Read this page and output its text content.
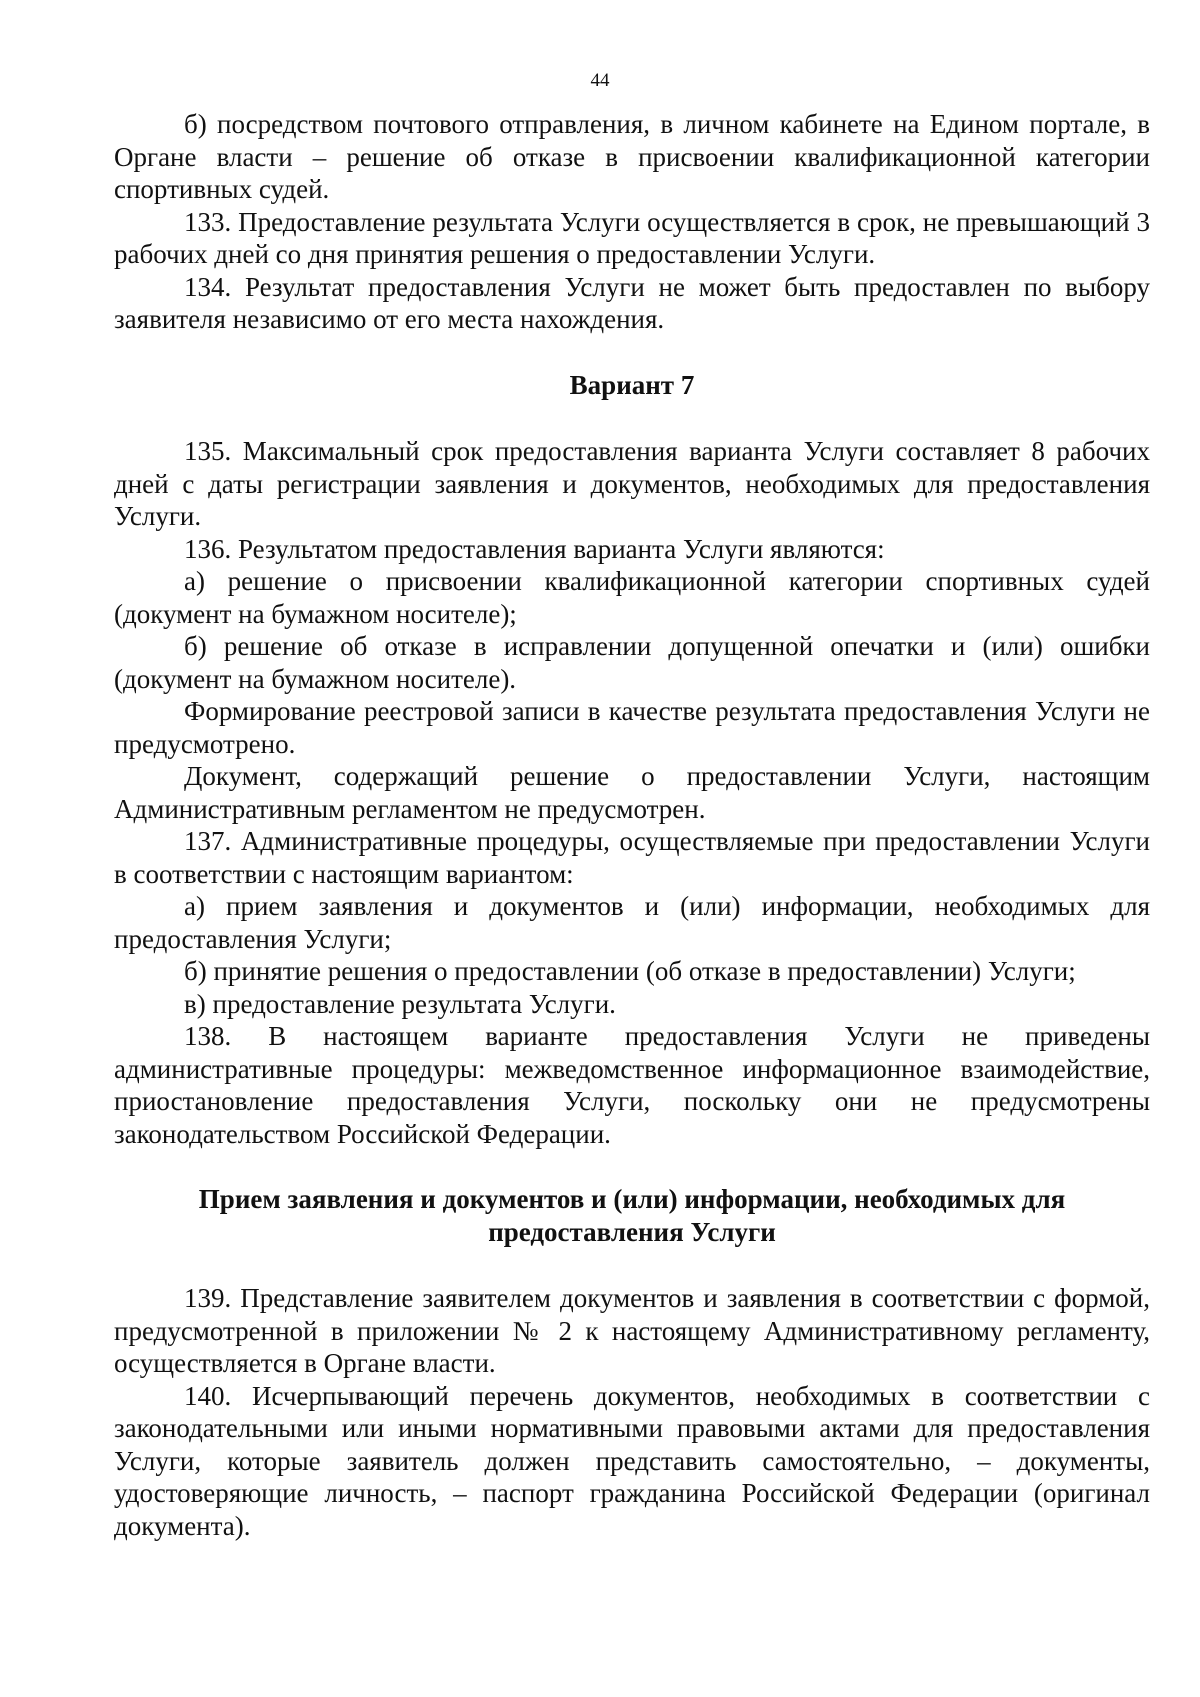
44

б) посредством почтового отправления, в личном кабинете на Едином портале, в Органе власти – решение об отказе в присвоении квалификационной категории спортивных судей.

133. Предоставление результата Услуги осуществляется в срок, не превышающий 3 рабочих дней со дня принятия решения о предоставлении Услуги.

134. Результат предоставления Услуги не может быть предоставлен по выбору заявителя независимо от его места нахождения.

Вариант 7

135. Максимальный срок предоставления варианта Услуги составляет 8 рабочих дней с даты регистрации заявления и документов, необходимых для предоставления Услуги.

136. Результатом предоставления варианта Услуги являются:

а) решение о присвоении квалификационной категории спортивных судей (документ на бумажном носителе);

б) решение об отказе в исправлении допущенной опечатки и (или) ошибки (документ на бумажном носителе).

Формирование реестровой записи в качестве результата предоставления Услуги не предусмотрено.

Документ, содержащий решение о предоставлении Услуги, настоящим Административным регламентом не предусмотрен.

137. Административные процедуры, осуществляемые при предоставлении Услуги в соответствии с настоящим вариантом:

а) прием заявления и документов и (или) информации, необходимых для предоставления Услуги;

б) принятие решения о предоставлении (об отказе в предоставлении) Услуги;

в) предоставление результата Услуги.

138. В настоящем варианте предоставления Услуги не приведены административные процедуры: межведомственное информационное взаимодействие, приостановление предоставления Услуги, поскольку они не предусмотрены законодательством Российской Федерации.

Прием заявления и документов и (или) информации, необходимых для предоставления Услуги

139. Представление заявителем документов и заявления в соответствии с формой, предусмотренной в приложении № 2 к настоящему Административному регламенту, осуществляется в Органе власти.

140. Исчерпывающий перечень документов, необходимых в соответствии с законодательными или иными нормативными правовыми актами для предоставления Услуги, которые заявитель должен представить самостоятельно, – документы, удостоверяющие личность, – паспорт гражданина Российской Федерации (оригинал документа).
